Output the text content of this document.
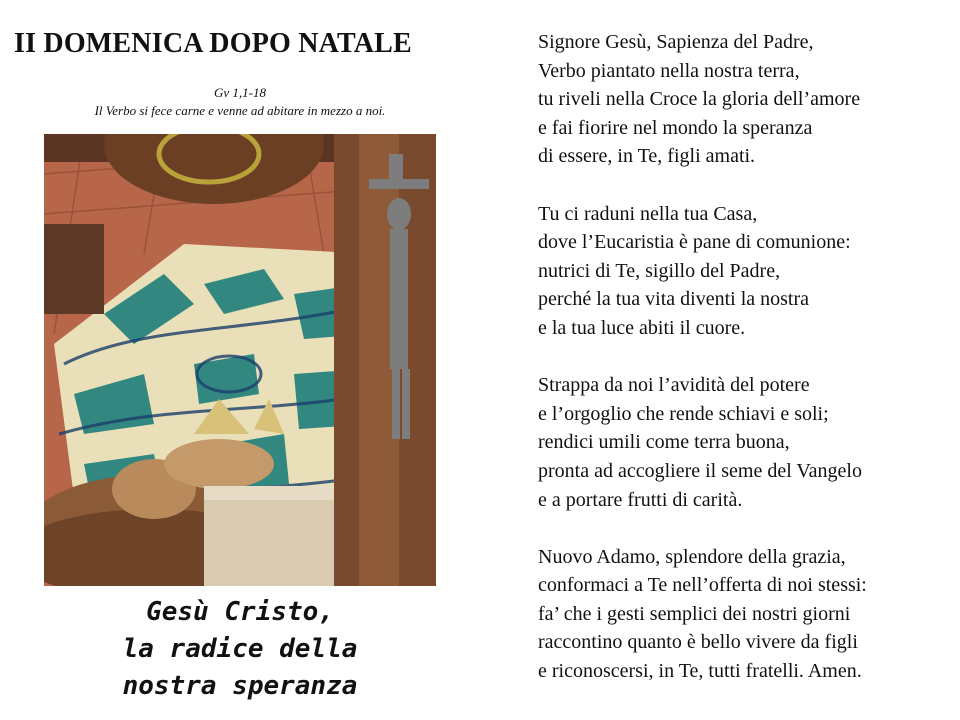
II DOMENICA DOPO NATALE
Gv 1,1-18
Il Verbo si fece carne e venne ad abitare in mezzo a noi.
Gesù Cristo,
la radice della
nostra speranza
Signore Gesù, Sapienza del Padre,
Verbo piantato nella nostra terra,
tu riveli nella Croce la gloria dell’amore
e fai fiorire nel mondo la speranza
di essere, in Te, figli amati.
Tu ci raduni nella tua Casa,
dove l’Eucaristia è pane di comunione:
nutrici di Te, sigillo del Padre,
perché la tua vita diventi la nostra
e la tua luce abiti il cuore.
Strappa da noi l’avidità del potere
e l’orgoglio che rende schiavi e soli;
rendici umili come terra buona,
pronta ad accogliere il seme del Vangelo
e a portare frutti di carità.
Nuovo Adamo, splendore della grazia,
conformaci a Te nell’offerta di noi stessi:
fa’ che i gesti semplici dei nostri giorni
raccontino quanto è bello vivere da figli
e riconoscersi, in Te, tutti fratelli. Amen.
